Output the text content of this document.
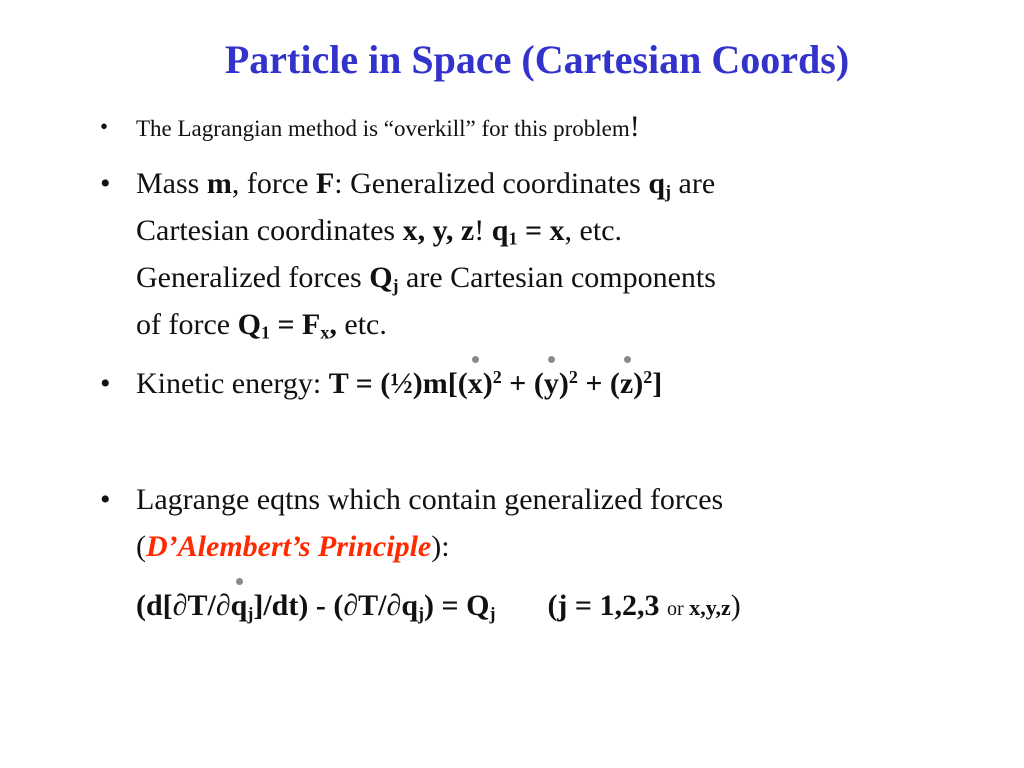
Particle in Space (Cartesian Coords)
•	The Lagrangian method is “overkill” for this problem!
• Mass m, force F: Generalized coordinates $q_j$ are
Cartesian coordinates x, y, z! $q_1 = x$, etc.
Generalized forces $Q_j$ are Cartesian components
of force $Q_1 = F_x$, etc.
• Kinetic energy: T = (½)m[(
x)$^2$ + (
y)$^2$ + (
z)$^2$]
• Lagrange eqtns which contain generalized forces
(D’Alembert’s Principle):
(d[∂T/∂
$q_j]/dt) - (\partial T/\partial q_j) = Q_j$ (j = 1,2,3 or x,y,z)
